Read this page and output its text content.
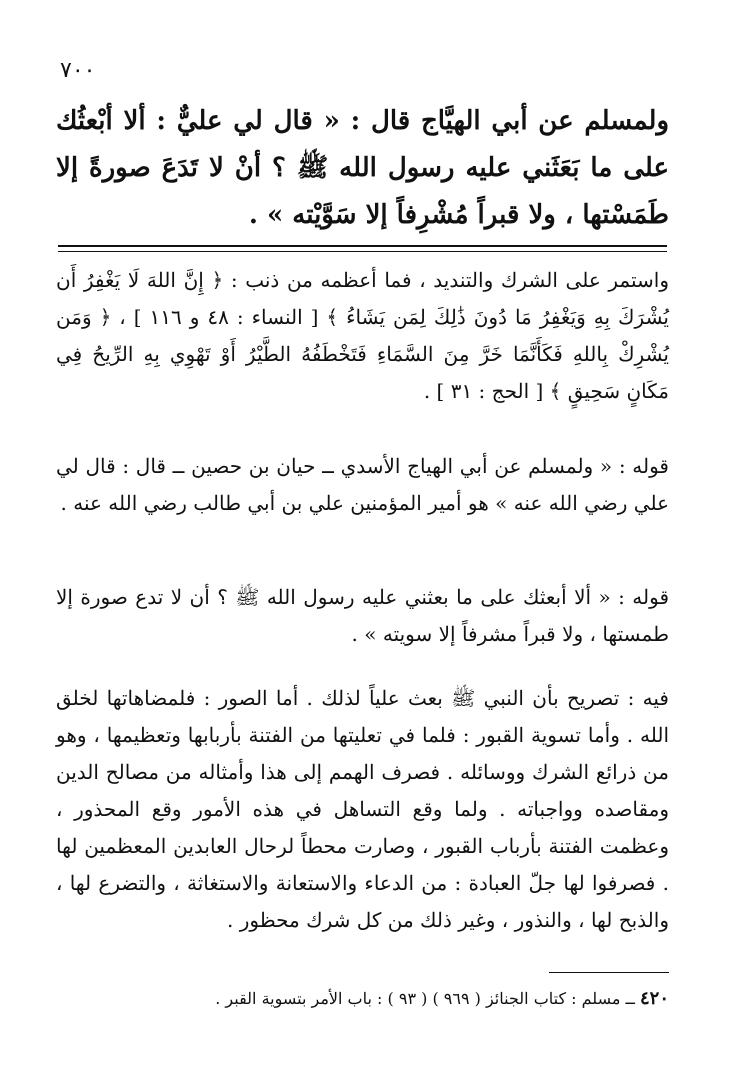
٧٠٠
ولمسلم عن أبي الهيَّاج قال : « قال لي عليٌّ : ألا أبْعثُك على ما بَعَثَني عليه رسول الله ﷺ ؟ أنْ لا تَدَعَ صورةً إلا طَمَسْتها ، ولا قبراً مُشْرِفاً إلا سَوَّيْته » .
واستمر على الشرك والتنديد ، فما أعظمه من ذنب : ﴿ إِنَّ اللهَ لَا يَغْفِرُ أَن يُشْرَكَ بِهِ وَيَغْفِرُ مَا دُونَ ذَٰلِكَ لِمَن يَشَاءُ ﴾ [ النساء : ٤٨ و ١١٦ ] ، ﴿ وَمَن يُشْرِكْ بِاللهِ فَكَأَنَّمَا خَرَّ مِنَ السَّمَاءِ فَتَخْطَفُهُ الطَّيْرُ أَوْ تَهْوِي بِهِ الرِّيحُ فِي مَكَانٍ سَحِيقٍ ﴾ [ الحج : ٣١ ] .
قوله : « ولمسلم عن أبي الهياج الأسدي ــ حيان بن حصين ــ قال : قال لي علي رضي الله عنه » هو أمير المؤمنين علي بن أبي طالب رضي الله عنه .
قوله : « ألا أبعثك على ما بعثني عليه رسول الله ﷺ ؟ أن لا تدع صورة إلا طمستها ، ولا قبراً مشرفاً إلا سويته » .
فيه : تصريح بأن النبي ﷺ بعث علياً لذلك . أما الصور : فلمضاهاتها لخلق الله . وأما تسوية القبور : فلما في تعليتها من الفتنة بأربابها وتعظيمها ، وهو من ذرائع الشرك ووسائله . فصرف الهمم إلى هذا وأمثاله من مصالح الدين ومقاصده وواجباته . ولما وقع التساهل في هذه الأمور وقع المحذور ، وعظمت الفتنة بأرباب القبور ، وصارت محطاً لرحال العابدين المعظمين لها . فصرفوا لها جلّ العبادة : من الدعاء والاستعانة والاستغاثة ، والتضرع لها ، والذبح لها ، والنذور ، وغير ذلك من كل شرك محظور .
٤٢٠ ــ مسلم : كتاب الجنائز ( ٩٦٩ ) ( ٩٣ ) : باب الأمر بتسوية القبر .
